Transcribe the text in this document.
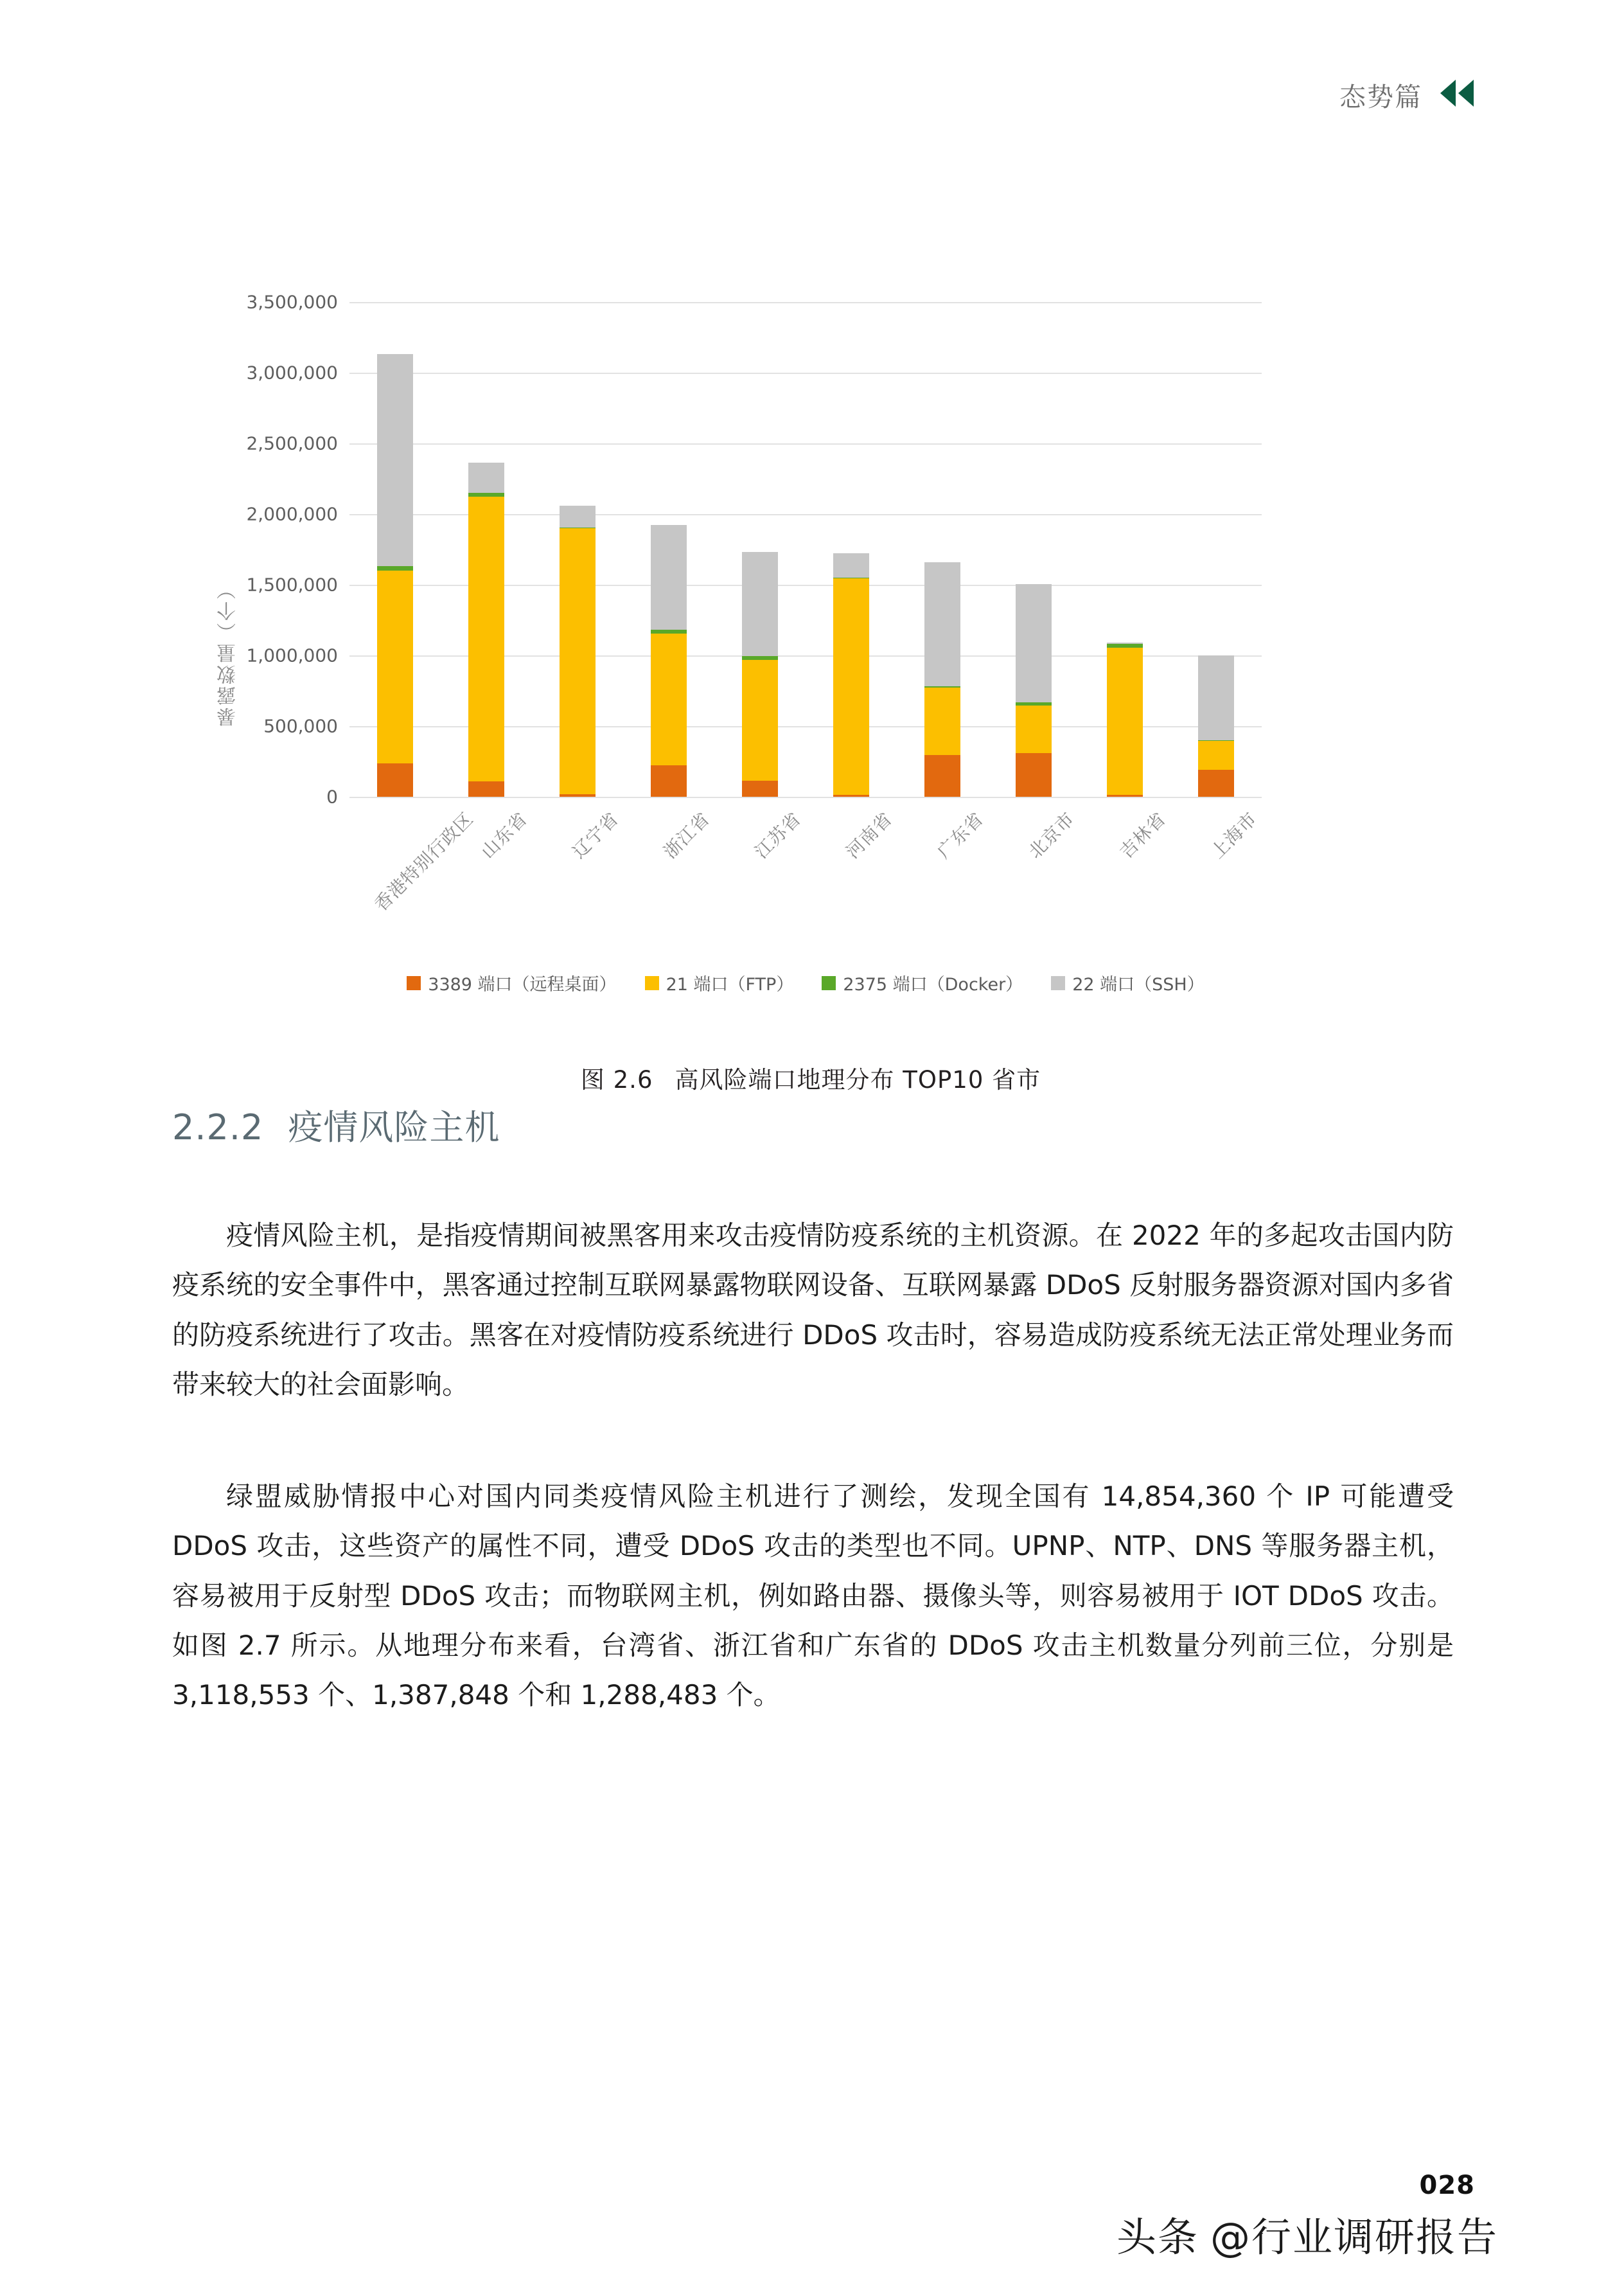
态势篇
暴露数量（个）
0
500,000
1,000,000
1,500,000
2,000,000
2,500,000
3,000,000
3,500,000
香港特别行政区 山东省 辽宁省 浙江省 江苏省 河南省 广东省 北京市 吉林省 上海市
3389 端口（远程桌面）	21 端口（FTP）	2375 端口（Docker）	22 端口（SSH）
图 2.6 高风险端口地理分布 TOP10 省市
2.2.2 疫情风险主机

疫情风险主机，是指疫情期间被黑客用来攻击疫情防疫系统的主机资源。在 2022 年的多起攻击国内防疫系统的安全事件中，黑客通过控制互联网暴露物联网设备、互联网暴露 DDoS 反射服务器资源对国内多省的防疫系统进行了攻击。黑客在对疫情防疫系统进行 DDoS 攻击时，容易造成防疫系统无法正常处理业务而带来较大的社会面影响。

绿盟威胁情报中心对国内同类疫情风险主机进行了测绘，发现全国有 14,854,360 个 IP 可能遭受 DDoS 攻击，这些资产的属性不同，遭受 DDoS 攻击的类型也不同。UPNP、NTP、DNS 等服务器主机，容易被用于反射型 DDoS 攻击；而物联网主机，例如路由器、摄像头等，则容易被用于 IOT DDoS 攻击。如图 2.7 所示。从地理分布来看，台湾省、浙江省和广东省的 DDoS 攻击主机数量分列前三位，分别是 3,118,553 个、1,387,848 个和 1,288,483 个。

028
头条 @行业调研报告
